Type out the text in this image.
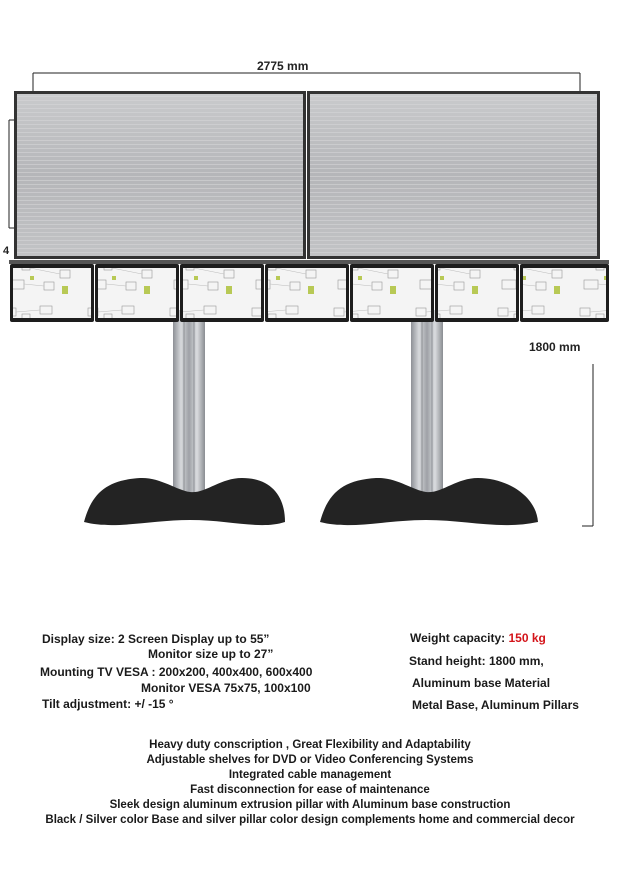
2775 mm
1800 mm
4
Display size: 2 Screen Display up to 55”
Monitor size up to 27”
Mounting TV VESA : 200x200, 400x400, 600x400
Monitor VESA 75x75, 100x100
Tilt adjustment: +/ -15 °
Weight capacity: 150 kg
Stand height: 1800 mm,
Aluminum base Material
Metal Base, Aluminum Pillars
Heavy duty conscription , Great Flexibility and Adaptability
Adjustable shelves for DVD or Video Conferencing Systems
Integrated cable management
Fast disconnection for ease of maintenance
Sleek design aluminum extrusion pillar with Aluminum base construction
Black / Silver color Base and silver pillar color design complements home and commercial decor
